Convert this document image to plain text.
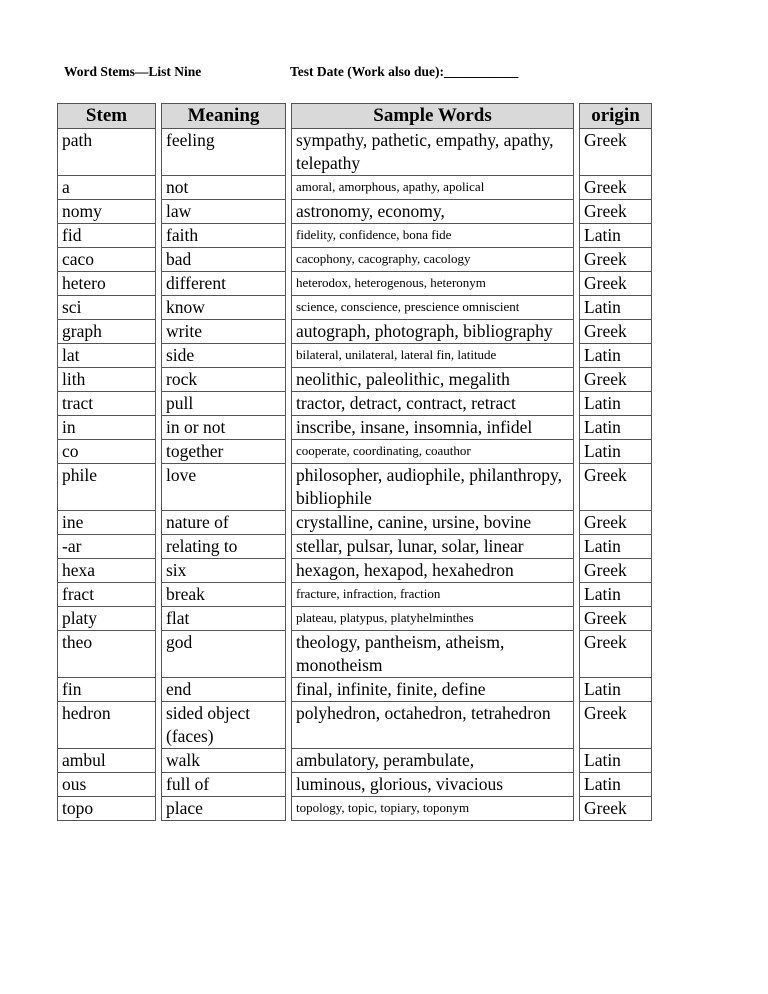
Word Stems—List Nine	Test Date (Work also due):___________
Stem		Meaning		Sample Words		origin
path		feeling		sympathy, pathetic, empathy, apathy, telepathy		Greek
a		not		amoral, amorphous, apathy, apolical		Greek
nomy		law		astronomy, economy,		Greek
fid		faith		fidelity, confidence, bona fide		Latin
caco		bad		cacophony, cacography, cacology		Greek
hetero		different		heterodox, heterogenous, heteronym		Greek
sci		know		science, conscience, prescience omniscient		Latin
graph		write		autograph, photograph, bibliography		Greek
lat		side		bilateral, unilateral, lateral fin, latitude		Latin
lith		rock		neolithic, paleolithic, megalith		Greek
tract		pull		tractor, detract, contract, retract		Latin
in		in or not		inscribe, insane, insomnia, infidel		Latin
co		together		cooperate, coordinating, coauthor		Latin
phile		love		philosopher, audiophile, philanthropy, bibliophile		Greek
ine		nature of		crystalline, canine, ursine, bovine		Greek
-ar		relating to		stellar, pulsar, lunar, solar, linear		Latin
hexa		six		hexagon, hexapod, hexahedron		Greek
fract		break		fracture, infraction, fraction		Latin
platy		flat		plateau, platypus, platyhelminthes		Greek
theo		god		theology, pantheism, atheism, monotheism		Greek
fin		end		final, infinite, finite, define		Latin
hedron		sided object (faces)		polyhedron, octahedron, tetrahedron		Greek
ambul		walk		ambulatory, perambulate,		Latin
ous		full of		luminous, glorious, vivacious		Latin
topo		place		topology, topic, topiary, toponym		Greek
